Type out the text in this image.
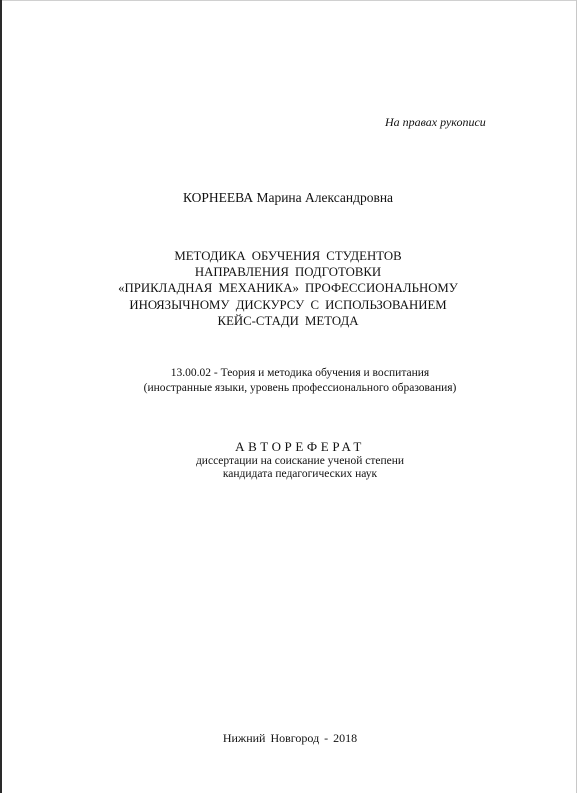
На правах рукописи
КОРНЕЕВА Марина Александровна
МЕТОДИКА ОБУЧЕНИЯ СТУДЕНТОВ
НАПРАВЛЕНИЯ ПОДГОТОВКИ
«ПРИКЛАДНАЯ МЕХАНИКА» ПРОФЕССИОНАЛЬНОМУ
ИНОЯЗЫЧНОМУ ДИСКУРСУ С ИСПОЛЬЗОВАНИЕМ
КЕЙС-СТАДИ МЕТОДА
13.00.02 - Теория и методика обучения и воспитания
(иностранные языки, уровень профессионального образования)
АВТОРЕФЕРАТ
диссертации на соискание ученой степени
кандидата педагогических наук
Нижний Новгород - 2018
